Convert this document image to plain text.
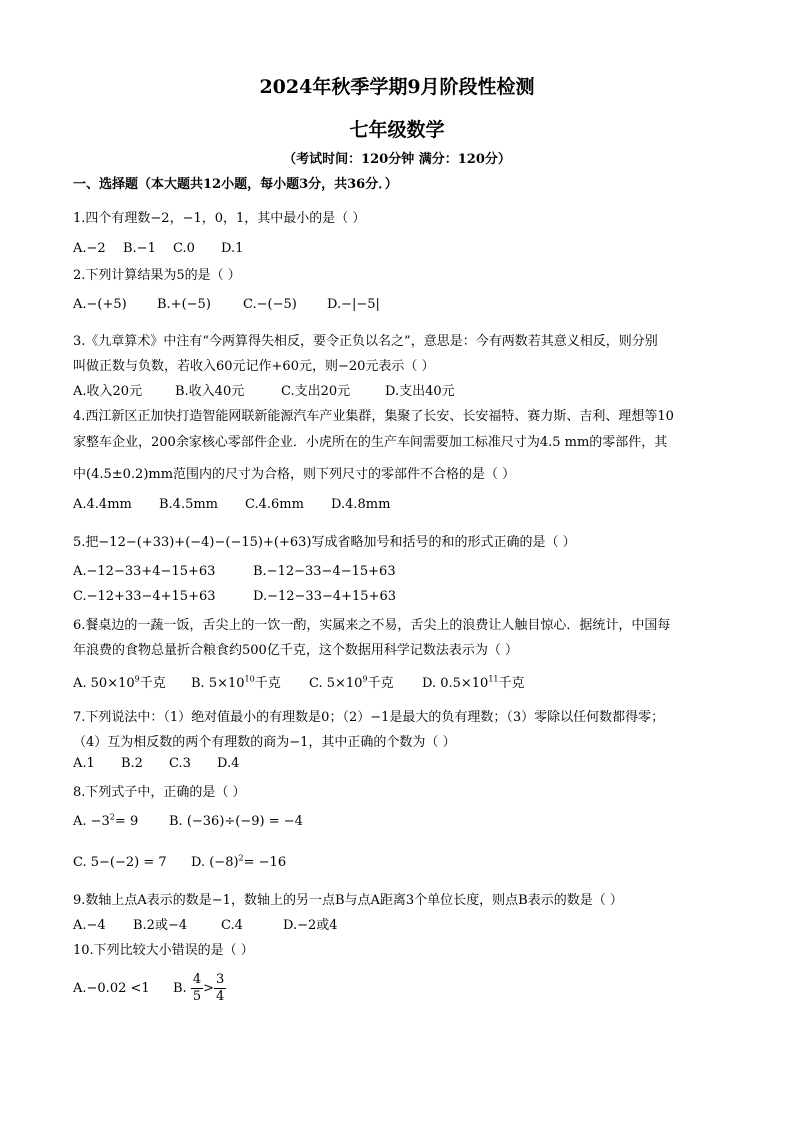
2024年秋季学期9月阶段性检测
七年级数学
（考试时间：120分钟 满分：120分）
一、选择题（本大题共12小题，每小题3分，共36分．）
1.四个有理数−2，−1，0，1，其中最小的是（ ）
A.−2 B.−1 C.0 D.1
2.下列计算结果为5的是（ ）
A.−(+5) B.+(−5) C.−(−5) D.−|−5|
3.《九章算术》中注有“今两算得失相反，要令正负以名之”，意思是：今有两数若其意义相反，则分别
叫做正数与负数，若收入60元记作+60元，则−20元表示（ ）
A.收入20元	B.收入40元	C.支出20元	D.支出40元
4.西江新区正加快打造智能网联新能源汽车产业集群，集聚了长安、长安福特、赛力斯、吉利、理想等10
家整车企业，200余家核心零部件企业．小虎所在的生产车间需要加工标准尺寸为4.5 mm的零部件，其
中(4.5±0.2)mm范围内的尺寸为合格，则下列尺寸的零部件不合格的是（ ）
A.4.4mm B.4.5mm C.4.6mm D.4.8mm
5.把−12−(+33)+(−4)−(−15)+(+63)写成省略加号和括号的和的形式正确的是（ ）
A.−12−33+4−15+63	B.−12−33−4−15+63
C.−12+33−4+15+63	D.−12−33−4+15+63
6.餐桌边的一蔬一饭，舌尖上的一饮一酌，实属来之不易，舌尖上的浪费让人触目惊心．据统计，中国每
年浪费的食物总量折合粮食约500亿千克，这个数据用科学记数法表示为（ ）
A. $50\times 10^9$千克 B. $5\times 10^{10}$千克 C. $5\times 10^9$千克 D. $0.5\times 10^{11}$千克
7.下列说法中：（1）绝对值最小的有理数是0；（2）−1是最大的负有理数；（3）零除以任何数都得零；
（4）互为相反数的两个有理数的商为−1，其中正确的个数为（ ）
A.1 B.2 C.3 D.4
8.下列式子中，正确的是（ ）
A. $-3^2= 9$ B. (−36)÷(−9) = −4
C. 5−(−2) = 7 D. $(-8)^2= -16$
9.数轴上点A表示的数是−1，数轴上的另一点B与点A距离3个单位长度，则点B表示的数是（ ）
A.−4 B.2或−4	C.4	D.−2或4
10.下列比较大小错误的是（ ）
A.−0.02 <1 B. $\frac{4}{5} > \frac{3}{4}$
